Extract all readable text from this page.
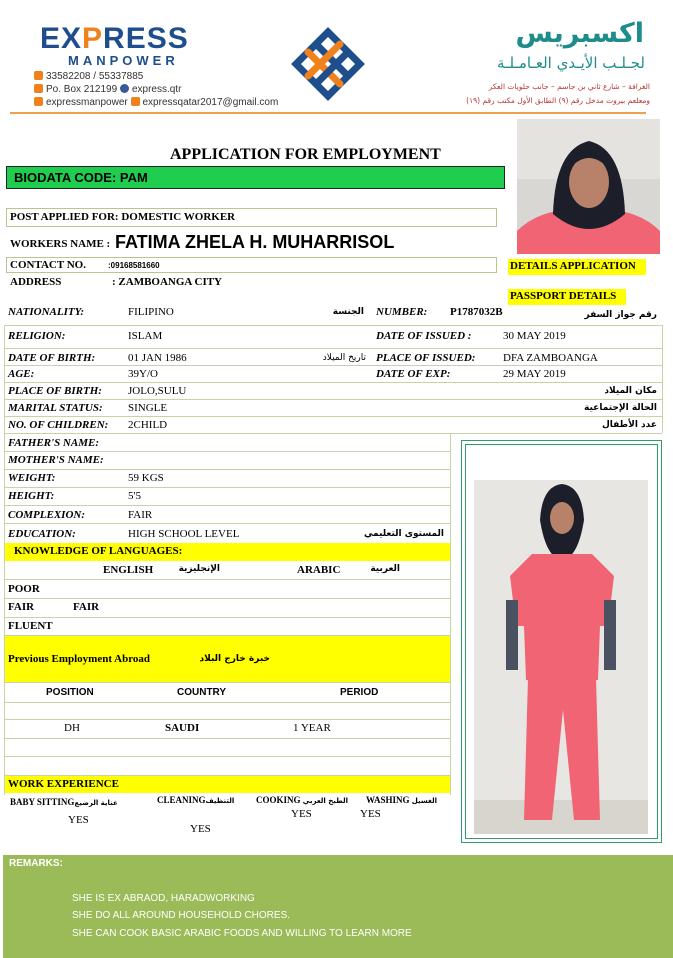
EXPRESS
MANPOWER
33582208 / 55337885
Po. Box 212199 express.qtr
expressmanpower expressqatar2017@gmail.com
اكسبريس
لجـلـب الأيـدي العـامـلـة
الغرافة – شارع ثاني بن جاسم – جانب حلويات العكر
ومعلعم بيروت مدخل رقم (٩) الطابق الأول مكتب رقم (١٩)
APPLICATION FOR EMPLOYMENT
BIODATA CODE: PAM
POST APPLIED FOR: DOMESTIC WORKER
WORKERS NAME : FATIMA ZHELA H. MUHARRISOL
CONTACT NO.	:09168581660
ADDRESS	: ZAMBOANGA CITY
DETAILS APPLICATION
PASSPORT DETAILS
NATIONALITY:	FILIPINO	الجنسة NUMBER: P1787032B	رقم جواز السفر
RELIGION:	ISLAM	DATE OF ISSUED :	30 MAY 2019
DATE OF BIRTH:	01 JAN 1986	تاريخ الميلاد PLACE OF ISSUED:	DFA ZAMBOANGA
AGE:	39Y/O	DATE OF EXP:	29 MAY 2019
PLACE OF BIRTH: JOLO,SULU	مكان الميلاد
MARITAL STATUS: SINGLE	الحالة الإجتماعية
NO. OF CHILDREN: 2CHILD	عدد الأطفال
FATHER'S NAME:
MOTHER'S NAME:
WEIGHT:	59 KGS
HEIGHT:	5'5
COMPLEXION:	FAIR
EDUCATION:	HIGH SCHOOL LEVEL	المستوى التعليمي
KNOWLEDGE OF LANGUAGES:
ENGLISH	الإنجليزية	ARABIC	العربية
POOR
FAIR	FAIR
FLUENT
Previous Employment Abroad	خبرة خارج البلاد
POSITION	COUNTRY	PERIOD
DH	SAUDI	1 YEAR
WORK EXPERIENCE
BABY SITTINGعناية الرضيع
YES
CLEANINGالتنظيف
YES
COOKING الطبخ العربي
YES
WASHING الغسيل
YES
REMARKS:
SHE IS EX ABRAOD, HARADWORKING
SHE DO ALL AROUND HOUSEHOLD CHORES.
SHE CAN COOK BASIC ARABIC FOODS AND WILLING TO LEARN MORE
